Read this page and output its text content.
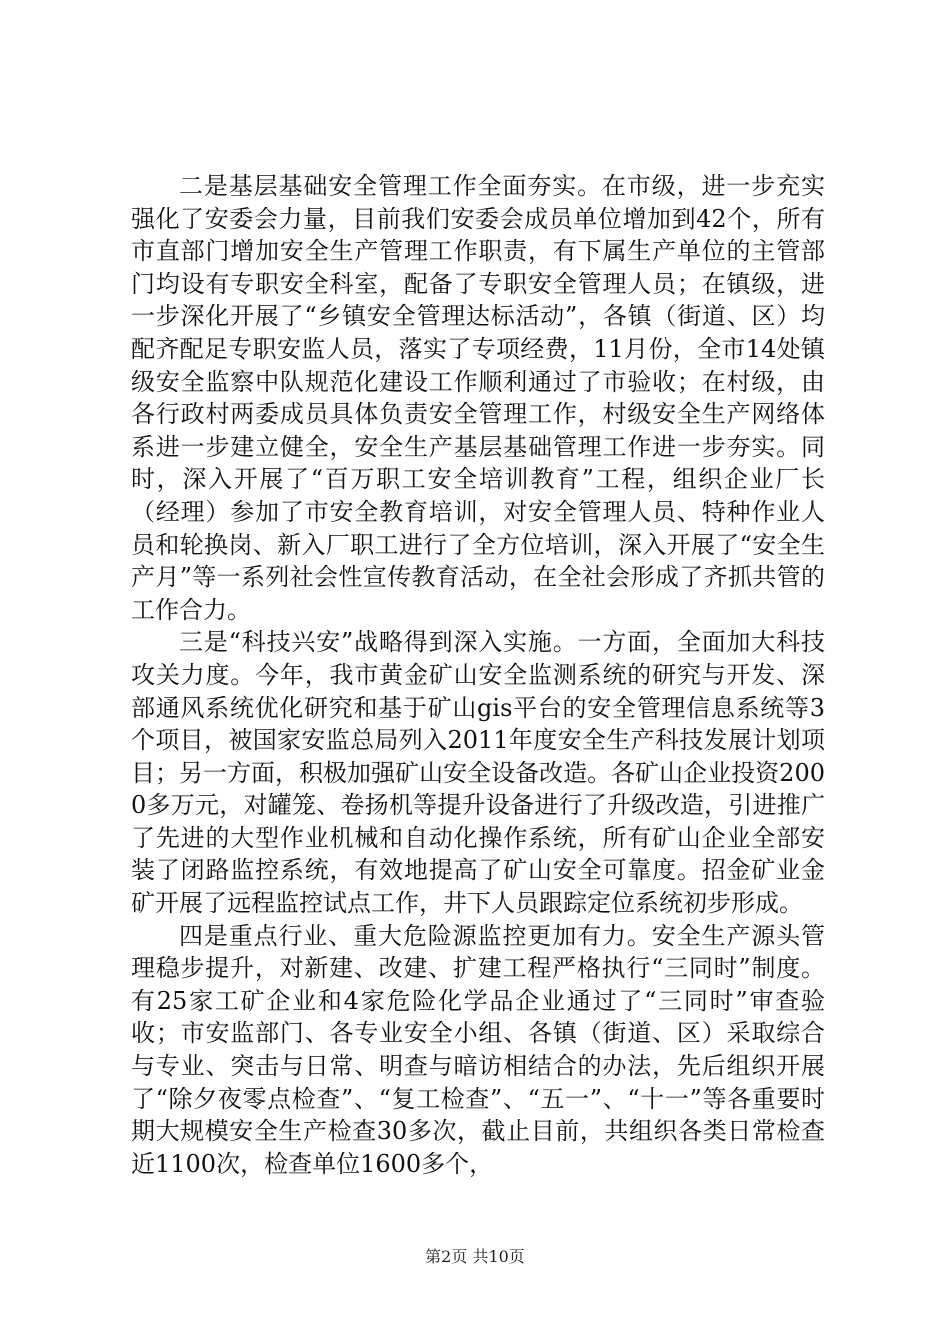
二是基层基础安全管理工作全面夯实。在市级，进一步充实强化了安委会力量，目前我们安委会成员单位增加到42个，所有市直部门增加安全生产管理工作职责，有下属生产单位的主管部门均设有专职安全科室，配备了专职安全管理人员；在镇级，进一步深化开展了“乡镇安全管理达标活动”，各镇（街道、区）均配齐配足专职安监人员，落实了专项经费，11月份，全市14处镇级安全监察中队规范化建设工作顺利通过了市验收；在村级，由各行政村两委成员具体负责安全管理工作，村级安全生产网络体系进一步建立健全，安全生产基层基础管理工作进一步夯实。同时，深入开展了“百万职工安全培训教育”工程，组织企业厂长（经理）参加了市安全教育培训，对安全管理人员、特种作业人员和轮换岗、新入厂职工进行了全方位培训，深入开展了“安全生产月”等一系列社会性宣传教育活动，在全社会形成了齐抓共管的工作合力。

三是“科技兴安”战略得到深入实施。一方面，全面加大科技攻关力度。今年，我市黄金矿山安全监测系统的研究与开发、深部通风系统优化研究和基于矿山gis平台的安全管理信息系统等3个项目，被国家安监总局列入2011年度安全生产科技发展计划项目；另一方面，积极加强矿山安全设备改造。各矿山企业投资2000多万元，对罐笼、卷扬机等提升设备进行了升级改造，引进推广了先进的大型作业机械和自动化操作系统，所有矿山企业全部安装了闭路监控系统，有效地提高了矿山安全可靠度。招金矿业金矿开展了远程监控试点工作，井下人员跟踪定位系统初步形成。

四是重点行业、重大危险源监控更加有力。安全生产源头管理稳步提升，对新建、改建、扩建工程严格执行“三同时”制度。有25家工矿企业和4家危险化学品企业通过了“三同时”审查验收；市安监部门、各专业安全小组、各镇（街道、区）采取综合与专业、突击与日常、明查与暗访相结合的办法，先后组织开展了“除夕夜零点检查”、“复工检查”、“五一”、“十一”等各重要时期大规模安全生产检查30多次，截止目前，共组织各类日常检查近1100次，检查单位1600多个，

第2页 共10页
